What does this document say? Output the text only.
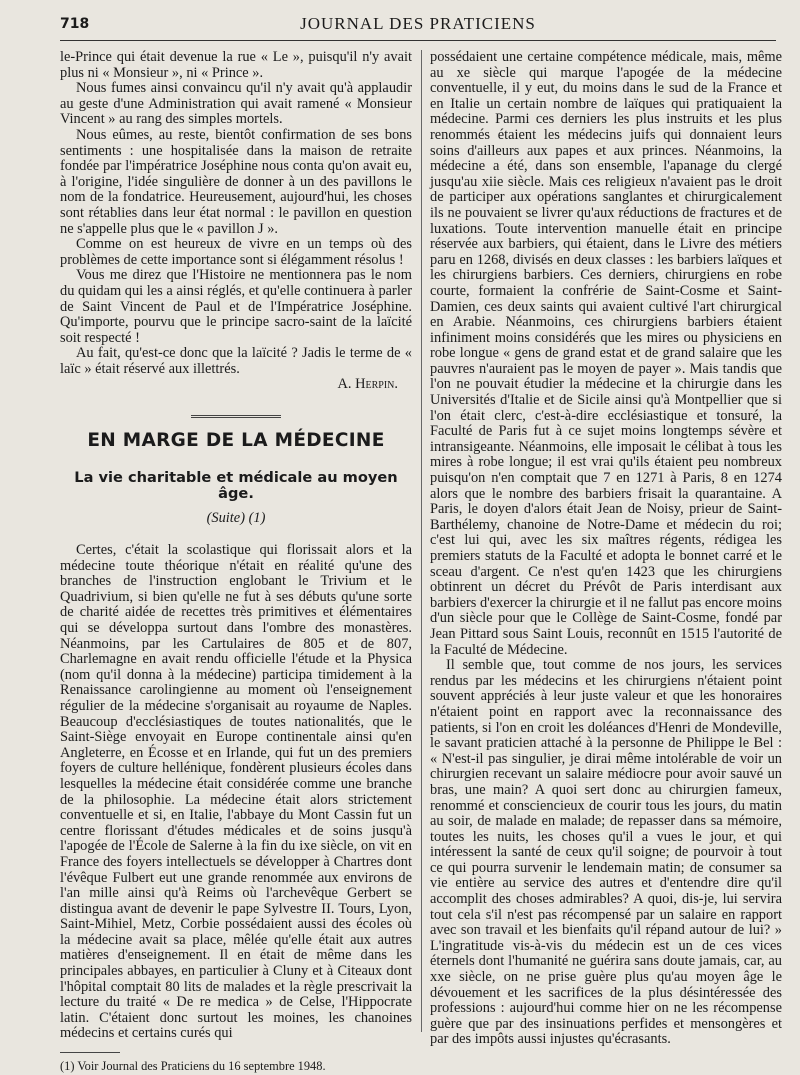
718	JOURNAL DES PRATICIENS

le-Prince qui était devenue la rue « Le », puisqu'il n'y avait plus ni « Monsieur », ni « Prince ».

Nous fumes ainsi convaincu qu'il n'y avait qu'à applaudir au geste d'une Administration qui avait ramené « Monsieur Vincent » au rang des simples mortels.

Nous eûmes, au reste, bientôt confirmation de ses bons sentiments : une hospitalisée dans la maison de retraite fondée par l'impératrice Joséphine nous conta qu'on avait eu, à l'origine, l'idée singulière de donner à un des pavillons le nom de la fondatrice. Heureusement, aujourd'hui, les choses sont rétablies dans leur état normal : le pavillon en question ne s'appelle plus que le « pavillon J ».

Comme on est heureux de vivre en un temps où des problèmes de cette importance sont si élégamment résolus !

Vous me direz que l'Histoire ne mentionnera pas le nom du quidam qui les a ainsi réglés, et qu'elle continuera à parler de Saint Vincent de Paul et de l'Impératrice Joséphine. Qu'importe, pourvu que le principe sacro-saint de la laïcité soit respecté !

Au fait, qu'est-ce donc que la laïcité ? Jadis le terme de « laïc » était réservé aux illettrés.

A. Herpin.

EN MARGE DE LA MÉDECINE
La vie charitable et médicale au moyen âge.
(Suite) (1)

Certes, c'était la scolastique qui florissait alors et la médecine toute théorique n'était en réalité qu'une des branches de l'instruction englobant le Trivium et le Quadrivium, si bien qu'elle ne fut à ses débuts qu'une sorte de charité aidée de recettes très primitives et élémentaires qui se développa surtout dans l'ombre des monastères. Néanmoins, par les Cartulaires de 805 et de 807, Charlemagne en avait rendu officielle l'étude et la Physica (nom qu'il donna à la médecine) participa timidement à la Renaissance carolingienne au moment où l'enseignement régulier de la médecine s'organisait au royaume de Naples. Beaucoup d'ecclésiastiques de toutes nationalités, que le Saint-Siège envoyait en Europe continentale ainsi qu'en Angleterre, en Écosse et en Irlande, qui fut un des premiers foyers de culture hellénique, fondèrent plusieurs écoles dans lesquelles la médecine était considérée comme une branche de la philosophie. La médecine était alors strictement conventuelle et si, en Italie, l'abbaye du Mont Cassin fut un centre florissant d'études médicales et de soins jusqu'à l'apogée de l'École de Salerne à la fin du ixe siècle, on vit en France des foyers intellectuels se développer à Chartres dont l'évêque Fulbert eut une grande renommée aux environs de l'an mille ainsi qu'à Reims où l'archevêque Gerbert se distingua avant de devenir le pape Sylvestre II. Tours, Lyon, Saint-Mihiel, Metz, Corbie possédaient aussi des écoles où la médecine avait sa place, mêlée qu'elle était aux autres matières d'enseignement. Il en était de même dans les principales abbayes, en particulier à Cluny et à Citeaux dont l'hôpital comptait 80 lits de malades et la règle prescrivait la lecture du traité « De re medica » de Celse, l'Hippocrate latin. C'étaient donc surtout les moines, les chanoines médecins et certains curés qui

(1) Voir Journal des Praticiens du 16 septembre 1948.

possédaient une certaine compétence médicale, mais, même au xe siècle qui marque l'apogée de la médecine conventuelle, il y eut, du moins dans le sud de la France et en Italie un certain nombre de laïques qui pratiquaient la médecine. Parmi ces derniers les plus instruits et les plus renommés étaient les médecins juifs qui donnaient leurs soins d'ailleurs aux papes et aux princes. Néanmoins, la médecine a été, dans son ensemble, l'apanage du clergé jusqu'au xiie siècle. Mais ces religieux n'avaient pas le droit de participer aux opérations sanglantes et chirurgicalement ils ne pouvaient se livrer qu'aux réductions de fractures et de luxations. Toute intervention manuelle était en principe réservée aux barbiers, qui étaient, dans le Livre des métiers paru en 1268, divisés en deux classes : les barbiers laïques et les chirurgiens barbiers. Ces derniers, chirurgiens en robe courte, formaient la confrérie de Saint-Cosme et Saint-Damien, ces deux saints qui avaient cultivé l'art chirurgical en Arabie. Néanmoins, ces chirurgiens barbiers étaient infiniment moins considérés que les mires ou physiciens en robe longue « gens de grand estat et de grand salaire que les pauvres n'auraient pas le moyen de payer ». Mais tandis que l'on ne pouvait étudier la médecine et la chirurgie dans les Universités d'Italie et de Sicile ainsi qu'à Montpellier que si l'on était clerc, c'est-à-dire ecclésiastique et tonsuré, la Faculté de Paris fut à ce sujet moins longtemps sévère et intransigeante. Néanmoins, elle imposait le célibat à tous les mires à robe longue; il est vrai qu'ils étaient peu nombreux puisqu'on n'en comptait que 7 en 1271 à Paris, 8 en 1274 alors que le nombre des barbiers frisait la quarantaine. A Paris, le doyen d'alors était Jean de Noisy, prieur de Saint-Barthélemy, chanoine de Notre-Dame et médecin du roi; c'est lui qui, avec les six maîtres régents, rédigea les premiers statuts de la Faculté et adopta le bonnet carré et le sceau d'argent. Ce n'est qu'en 1423 que les chirurgiens obtinrent un décret du Prévôt de Paris interdisant aux barbiers d'exercer la chirurgie et il ne fallut pas encore moins d'un siècle pour que le Collège de Saint-Cosme, fondé par Jean Pittard sous Saint Louis, reconnût en 1515 l'autorité de la Faculté de Médecine.

Il semble que, tout comme de nos jours, les services rendus par les médecins et les chirurgiens n'étaient point souvent appréciés à leur juste valeur et que les honoraires n'étaient point en rapport avec la reconnaissance des patients, si l'on en croit les doléances d'Henri de Mondeville, le savant praticien attaché à la personne de Philippe le Bel : « N'est-il pas singulier, je dirai même intolérable de voir un chirurgien recevant un salaire médiocre pour avoir sauvé un bras, une main? A quoi sert donc au chirurgien fameux, renommé et consciencieux de courir tous les jours, du matin au soir, de malade en malade; de repasser dans sa mémoire, toutes les nuits, les choses qu'il a vues le jour, et qui intéressent la santé de ceux qu'il soigne; de pourvoir à tout ce qui pourra survenir le lendemain matin; de consumer sa vie entière au service des autres et d'entendre dire qu'il accomplit des choses admirables? A quoi, dis-je, lui servira tout cela s'il n'est pas récompensé par un salaire en rapport avec son travail et les bienfaits qu'il répand autour de lui? » L'ingratitude vis-à-vis du médecin est un de ces vices éternels dont l'humanité ne guérira sans doute jamais, car, au xxe siècle, on ne prise guère plus qu'au moyen âge le dévouement et les sacrifices de la plus désintéressée des professions : aujourd'hui comme hier on ne les récompense guère que par des insinuations perfides et mensongères et par des impôts aussi injustes qu'écrasants.
